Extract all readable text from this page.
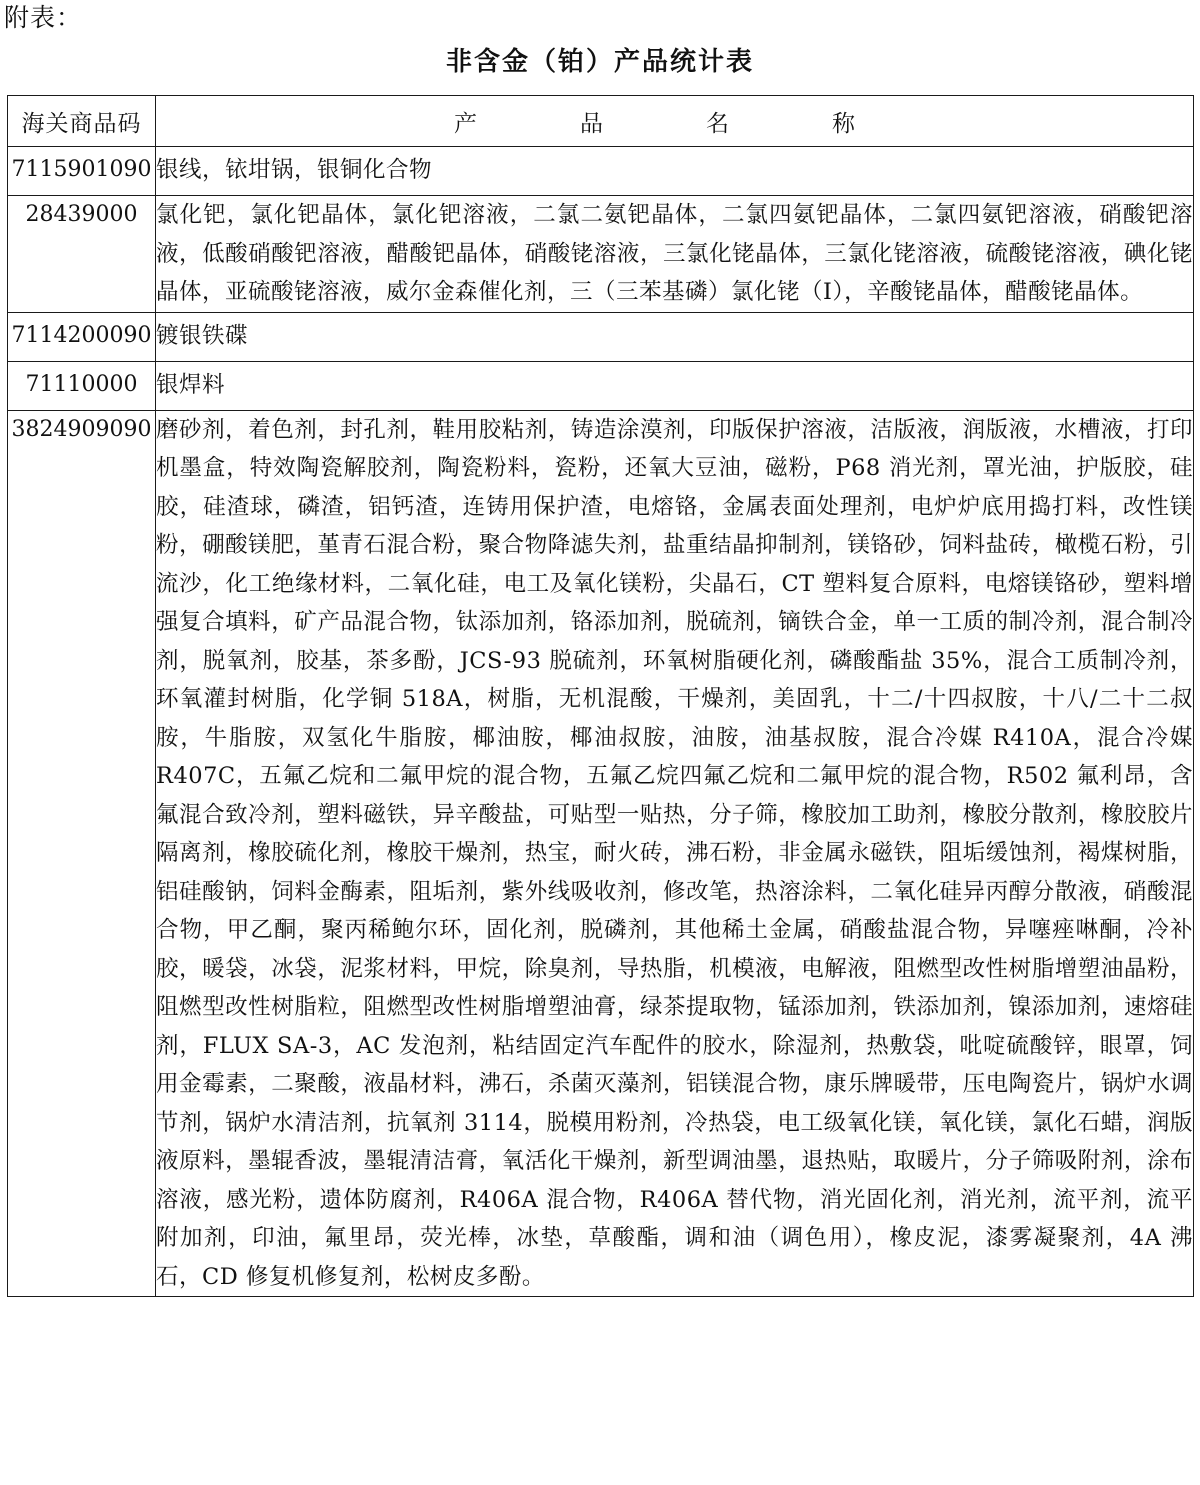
附表：
非含金（铂）产品统计表
海关商品码	产　品　名　称
7115901090	银线，铱坩锅，银铜化合物
28439000	氯化钯，氯化钯晶体，氯化钯溶液，二氯二氨钯晶体，二氯四氨钯晶体，二氯四氨钯溶液，硝酸钯溶液，低酸硝酸钯溶液，醋酸钯晶体，硝酸铑溶液，三氯化铑晶体，三氯化铑溶液，硫酸铑溶液，碘化铑晶体，亚硫酸铑溶液，威尔金森催化剂，三（三苯基磷）氯化铑（I），辛酸铑晶体，醋酸铑晶体。
7114200090	镀银铁碟
71110000	银焊料
3824909090	磨砂剂，着色剂，封孔剂，鞋用胶粘剂，铸造涂漠剂，印版保护溶液，洁版液，润版液，水槽液，打印机墨盒，特效陶瓷解胶剂，陶瓷粉料，瓷粉，还氧大豆油，磁粉，P68 消光剂，罩光油，护版胶，硅胶，硅渣球，磷渣，铝钙渣，连铸用保护渣，电熔铬，金属表面处理剂，电炉炉底用捣打料，改性镁粉，硼酸镁肥，堇青石混合粉，聚合物降滤失剂，盐重结晶抑制剂，镁铬砂，饲料盐砖，橄榄石粉，引流沙，化工绝缘材料，二氧化硅，电工及氧化镁粉，尖晶石，CT 塑料复合原料，电熔镁铬砂，塑料增强复合填料，矿产品混合物，钛添加剂，铬添加剂，脱硫剂，镝铁合金，单一工质的制冷剂，混合制冷剂，脱氧剂，胶基，茶多酚，JCS-93 脱硫剂，环氧树脂硬化剂，磷酸酯盐 35%，混合工质制冷剂，环氧灌封树脂，化学铜 518A，树脂，无机混酸，干燥剂，美固乳，十二/十四叔胺，十八/二十二叔胺，牛脂胺，双氢化牛脂胺，椰油胺，椰油叔胺，油胺，油基叔胺，混合冷媒 R410A，混合冷媒 R407C，五氟乙烷和二氟甲烷的混合物，五氟乙烷四氟乙烷和二氟甲烷的混合物，R502 氟利昂，含氟混合致冷剂，塑料磁铁，异辛酸盐，可贴型一贴热，分子筛，橡胶加工助剂，橡胶分散剂，橡胶胶片隔离剂，橡胶硫化剂，橡胶干燥剂，热宝，耐火砖，沸石粉，非金属永磁铁，阻垢缓蚀剂，褐煤树脂，铝硅酸钠，饲料金酶素，阻垢剂，紫外线吸收剂，修改笔，热溶涂料，二氧化硅异丙醇分散液，硝酸混合物，甲乙酮，聚丙稀鲍尔环，固化剂，脱磷剂，其他稀土金属，硝酸盐混合物，异噻痤啉酮，冷补胶，暖袋，冰袋，泥浆材料，甲烷，除臭剂，导热脂，机模液，电解液，阻燃型改性树脂增塑油晶粉，阻燃型改性树脂粒，阻燃型改性树脂增塑油膏，绿茶提取物，锰添加剂，铁添加剂，镍添加剂，速熔硅剂，FLUX SA-3，AC 发泡剂，粘结固定汽车配件的胶水，除湿剂，热敷袋，吡啶硫酸锌，眼罩，饲用金霉素，二聚酸，液晶材料，沸石，杀菌灭藻剂，铝镁混合物，康乐牌暖带，压电陶瓷片，锅炉水调节剂，锅炉水清洁剂，抗氧剂 3114，脱模用粉剂，冷热袋，电工级氧化镁，氧化镁，氯化石蜡，润版液原料，墨辊香波，墨辊清洁膏，氧活化干燥剂，新型调油墨，退热贴，取暖片，分子筛吸附剂，涂布溶液，感光粉，遗体防腐剂，R406A 混合物，R406A 替代物，消光固化剂，消光剂，流平剂，流平附加剂，印油，氟里昂，荧光棒，冰垫，草酸酯，调和油（调色用），橡皮泥，漆雾凝聚剂，4A 沸石，CD 修复机修复剂，松树皮多酚。
